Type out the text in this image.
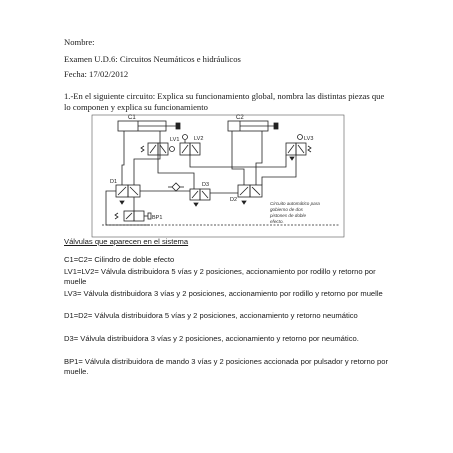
Nombre:
Examen U.D.6: Circuitos Neumáticos e hidráulicos
Fecha: 17/02/2012
1.-En el siguiente circuito: Explica su funcionamiento global, nombra las distintas piezas que lo componen y explica su funcionamiento
C1	C2
LV1	LV2	LV3
D1
D2
D3
BP1
Circuito automático para gobierno de dos pistones de doble efecto.
Válvulas que aparecen en el sistema
C1=C2= Cilindro de doble efecto
LV1=LV2= Válvula distribuidora 5 vías y 2 posiciones, accionamiento por rodillo y retorno por muelle
LV3= Válvula distribuidora 3 vías y 2 posiciones, accionamiento por rodillo y retorno por muelle
D1=D2= Válvula distribuidora 5 vías y 2 posiciones, accionamiento y retorno neumático
D3= Válvula distribuidora 3 vías y 2 posiciones, accionamiento y retorno por neumático.
BP1= Válvula distribuidora de mando 3 vías y 2 posiciones accionada por pulsador y retorno por muelle.
